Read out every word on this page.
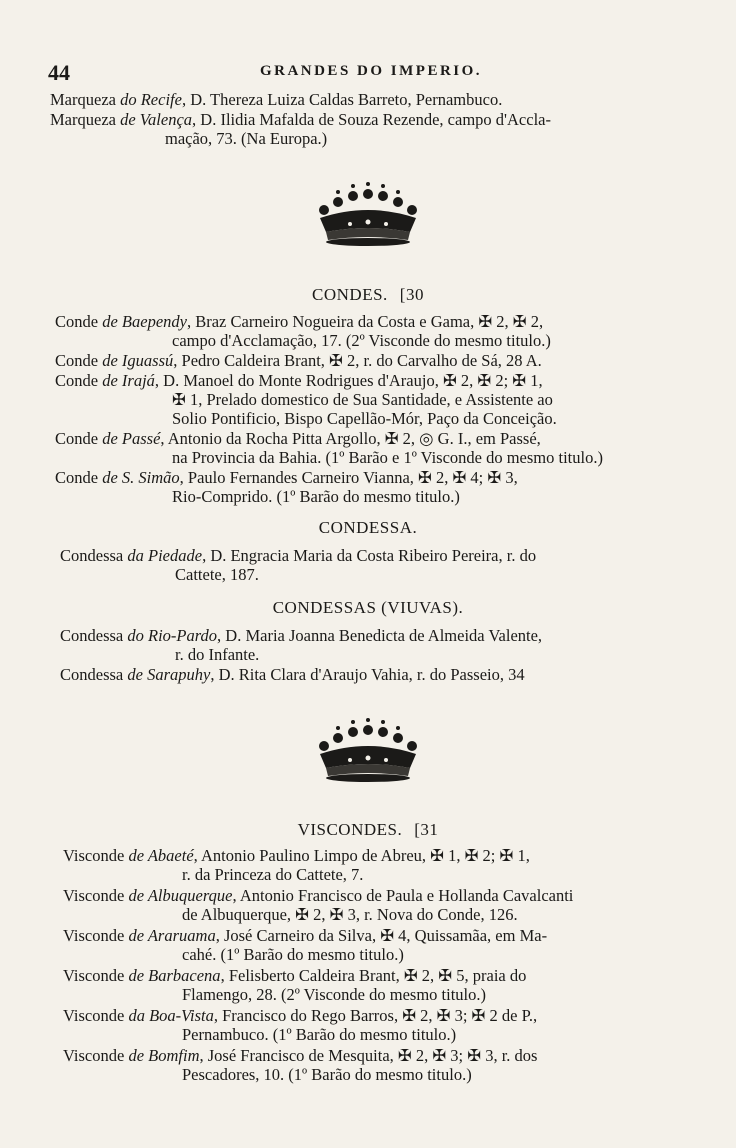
44	GRANDES DO IMPERIO.
Marqueza do Recife, D. Thereza Luiza Caldas Barreto, Pernambuco.
Marqueza de Valença, D. Ilidia Mafalda de Souza Rezende, campo d'Accla-
mação, 73. (Na Europa.)
CONDES. [30
Conde de Baependy, Braz Carneiro Nogueira da Costa e Gama, ✠ 2, ✠ 2,
campo d'Acclamação, 17. (2º Visconde do mesmo titulo.)
Conde de Iguassú, Pedro Caldeira Brant, ✠ 2, r. do Carvalho de Sá, 28 A.
Conde de Irajá, D. Manoel do Monte Rodrigues d'Araujo, ✠ 2, ✠ 2; ✠ 1,
✠ 1, Prelado domestico de Sua Santidade, e Assistente ao
Solio Pontificio, Bispo Capellão-Mór, Paço da Conceição.
Conde de Passé, Antonio da Rocha Pitta Argollo, ✠ 2, ◎ G. I., em Passé,
na Provincia da Bahia. (1º Barão e 1º Visconde do mesmo titulo.)
Conde de S. Simão, Paulo Fernandes Carneiro Vianna, ✠ 2, ✠ 4; ✠ 3,
Rio-Comprido. (1º Barão do mesmo titulo.)
CONDESSA.
Condessa da Piedade, D. Engracia Maria da Costa Ribeiro Pereira, r. do
Cattete, 187.
CONDESSAS (VIUVAS).
Condessa do Rio-Pardo, D. Maria Joanna Benedicta de Almeida Valente,
r. do Infante.
Condessa de Sarapuhy, D. Rita Clara d'Araujo Vahia, r. do Passeio, 34
VISCONDES. [31
Visconde de Abaeté, Antonio Paulino Limpo de Abreu, ✠ 1, ✠ 2; ✠ 1,
r. da Princeza do Cattete, 7.
Visconde de Albuquerque, Antonio Francisco de Paula e Hollanda Cavalcanti
de Albuquerque, ✠ 2, ✠ 3, r. Nova do Conde, 126.
Visconde de Araruama, José Carneiro da Silva, ✠ 4, Quissamãa, em Ma-
cahé. (1º Barão do mesmo titulo.)
Visconde de Barbacena, Felisberto Caldeira Brant, ✠ 2, ✠ 5, praia do
Flamengo, 28. (2º Visconde do mesmo titulo.)
Visconde da Boa-Vista, Francisco do Rego Barros, ✠ 2, ✠ 3; ✠ 2 de P.,
Pernambuco. (1º Barão do mesmo titulo.)
Visconde de Bomfim, José Francisco de Mesquita, ✠ 2, ✠ 3; ✠ 3, r. dos
Pescadores, 10. (1º Barão do mesmo titulo.)
